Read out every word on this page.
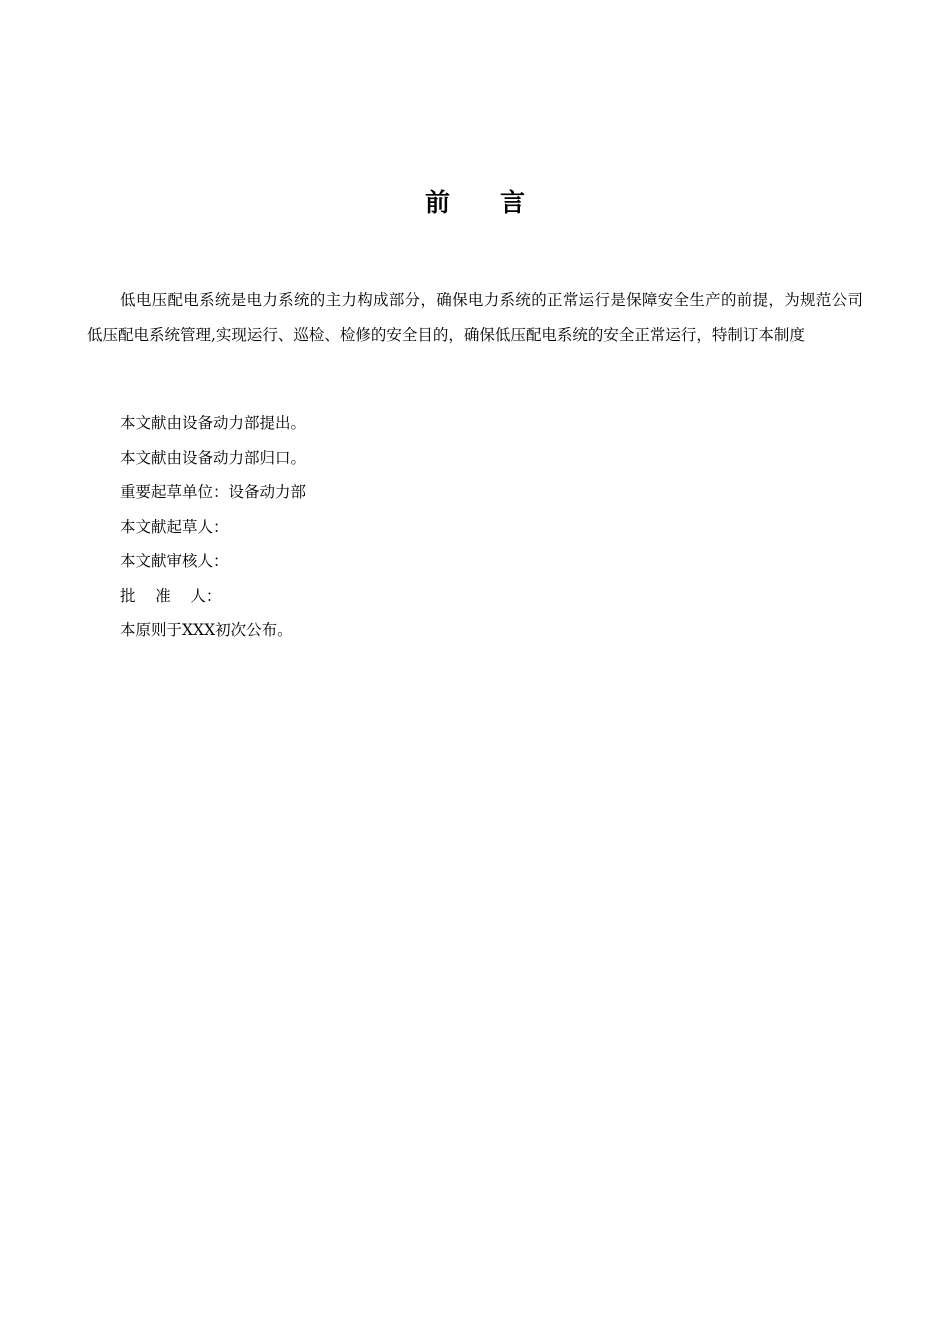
前言

低电压配电系统是电力系统的主力构成部分，确保电力系统的正常运行是保障安全生产的前提，为规范公司低压配电系统管理,实现运行、巡检、检修的安全目的，确保低压配电系统的安全正常运行，特制订本制度

本文献由设备动力部提出。
本文献由设备动力部归口。
重要起草单位：设备动力部
本文献起草人：
本文献审核人：
批    准    人：
本原则于XXX初次公布。
